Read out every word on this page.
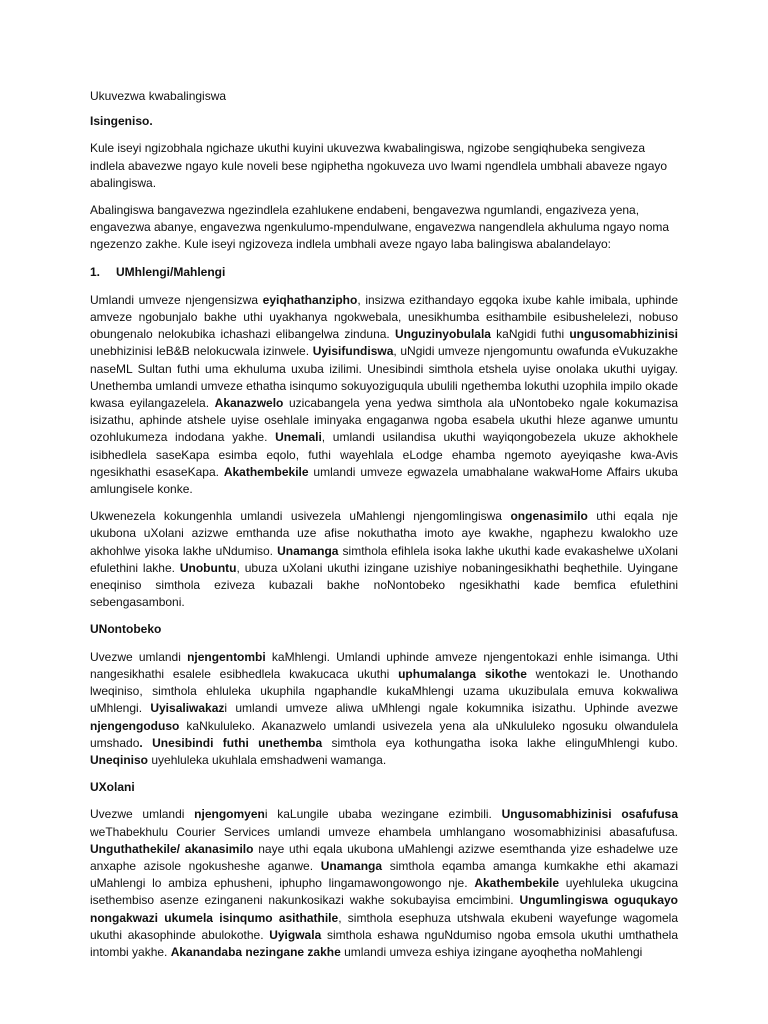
Ukuvezwa kwabalingiswa

Isingeniso.

Kule iseyi ngizobhala ngichaze ukuthi kuyini ukuvezwa kwabalingiswa, ngizobe sengiqhubeka sengiveza indlela abavezwe ngayo kule noveli bese ngiphetha ngokuveza uvo lwami ngendlela umbhali abaveze ngayo abalingiswa.

Abalingiswa bangavezwa ngezindlela ezahlukene endabeni, bengavezwa ngumlandi, engaziveza yena, engavezwa abanye, engavezwa ngenkulumo-mpendulwane, engavezwa nangendlela akhuluma ngayo noma ngezenzo zakhe. Kule iseyi ngizoveza indlela umbhali aveze ngayo laba balingiswa abalandelayo:

1. UMhlengi/Mahlengi

Umlandi umveze njengensizwa eyiqhathanzipho, insizwa ezithandayo egqoka ixube kahle imibala, uphinde amveze ngobunjalo bakhe uthi uyakhanya ngokwebala, unesikhumba esithambile esibushelelezi, nobuso obungenalo nelokubika ichashazi elibangelwa zinduna. Unguzinyobulala kaNgidi futhi ungusomabhizinisi unebhizinisi leB&B nelokucwala izinwele. Uyisifundiswa, uNgidi umveze njengomuntu owafunda eVukuzakhe naseML Sultan futhi uma ekhuluma uxuba izilimi. Unesibindi simthola etshela uyise onolaka ukuthi uyigay. Unethemba umlandi umveze ethatha isinqumo sokuyoziguqula ubulili ngethemba lokuthi uzophila impilo okade kwasa eyilangazelela. Akanazwelo uzicabangela yena yedwa simthola ala uNontobeko ngale kokumazisa isizathu, aphinde atshele uyise osehlale iminyaka engaganwa ngoba esabela ukuthi hleze aganwe umuntu ozohlukumeza indodana yakhe. Unemali, umlandi usilandisa ukuthi wayiqongobezela ukuze akhokhele isibhedlela saseKapa esimba eqolo, futhi wayehlala eLodge ehamba ngemoto ayeyiqashe kwa-Avis ngesikhathi esaseKapa. Akathembekile umlandi umveze egwazela umabhalane wakwaHome Affairs ukuba amlungisele konke.

Ukwenezela kokungenhla umlandi usivezela uMahlengi njengomlingiswa ongenasimilo uthi eqala nje ukubona uXolani azizwe emthanda uze afise nokuthatha imoto aye kwakhe, ngaphezu kwalokho uze akhohlwe yisoka lakhe uNdumiso. Unamanga simthola efihlela isoka lakhe ukuthi kade evakashelwe uXolani efulethini lakhe. Unobuntu, ubuza uXolani ukuthi izingane uzishiye nobaningesikhathi beqhethile. Uyingane eneqiniso simthola eziveza kubazali bakhe noNontobeko ngesikhathi kade bemfica efulethini sebengasamboni.

UNontobeko

Uvezwe umlandi njengentombi kaMhlengi. Umlandi uphinde amveze njengentokazi enhle isimanga. Uthi nangesikhathi esalele esibhedlela kwakucaca ukuthi uphumalanga sikothe wentokazi le. Unothando lweqiniso, simthola ehluleka ukuphila ngaphandle kukaMhlengi uzama ukuzibulala emuva kokwaliwa uMhlengi. Uyisaliwakazi umlandi umveze aliwa uMhlengi ngale kokumnika isizathu. Uphinde avezwe njengengoduso kaNkululeko. Akanazwelo umlandi usivezela yena ala uNkululeko ngosuku olwandulela umshado. Unesibindi futhi unethemba simthola eya kothungatha isoka lakhe elinguMhlengi kubo. Uneqiniso uyehluleka ukuhlala emshadweni wamanga.

UXolani

Uvezwe umlandi njengomyeni kaLungile ubaba wezingane ezimbili. Ungusomabhizinisi osafufusa weThabekhulu Courier Services umlandi umveze ehambela umhlangano wosomabhizinisi abasafufusa. Unguthathekile/ akanasimilo naye uthi eqala ukubona uMahlengi azizwe esemthanda yize eshadelwe uze anxaphe azisole ngokusheshe aganwe. Unamanga simthola eqamba amanga kumkakhe ethi akamazi uMahlengi lo ambiza ephusheni, iphupho lingamawongowongo nje. Akathembekile uyehluleka ukugcina isethembiso asenze ezinganeni nakunkosikazi wakhe sokubayisa emcimbini. Ungumlingiswa oguqukayo nongakwazi ukumela isinqumo asithathile, simthola esephuza utshwala ekubeni wayefunge wagomela ukuthi akasophinde abulokothe. Uyigwala simthola eshawa nguNdumiso ngoba emsola ukuthi umthathela intombi yakhe. Akanandaba nezingane zakhe umlandi umveza eshiya izingane ayoqhetha noMahlengi
